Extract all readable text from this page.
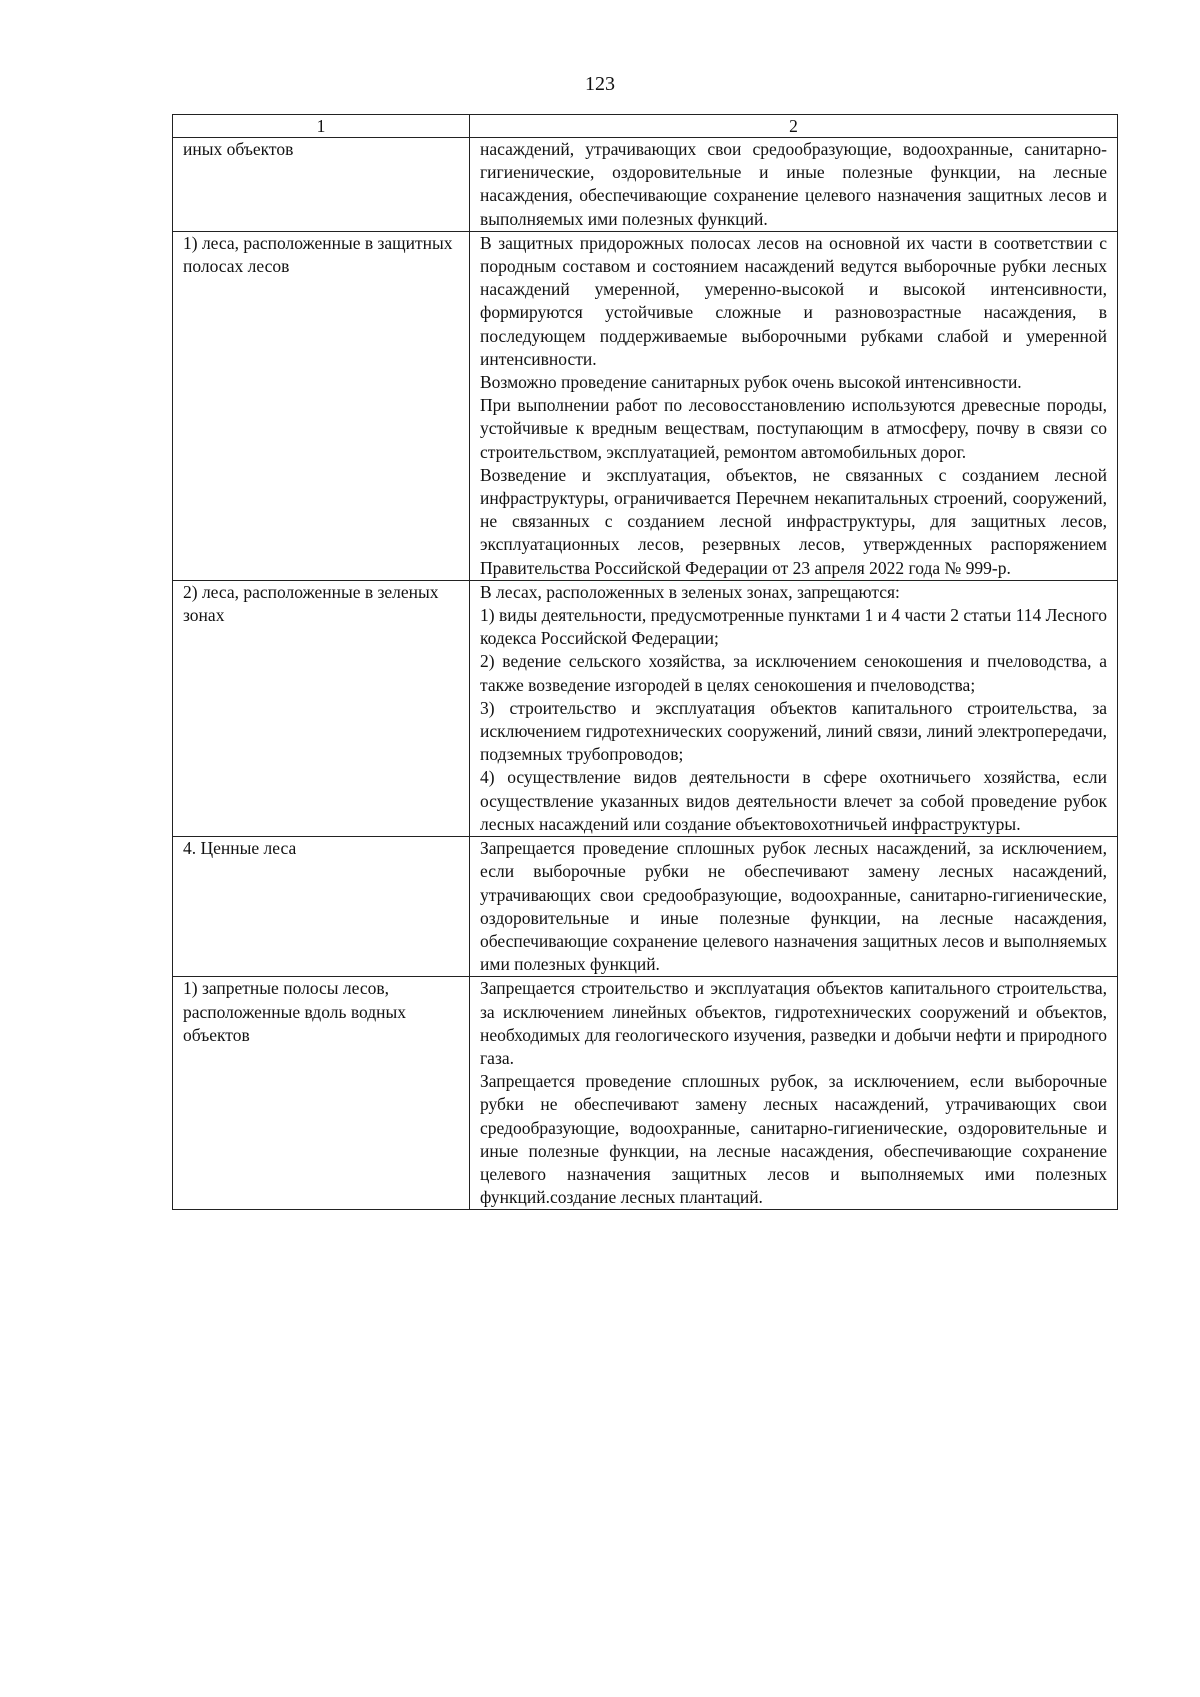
123
1	2
иных объектов	насаждений, утрачивающих свои средообразующие, водоохранные, санитарно-гигиенические, оздоровительные и иные полезные функции, на лесные насаждения, обеспечивающие сохранение целевого назначения защитных лесов и выполняемых ими полезных функций.

1) леса, расположенные в защитных полосах лесов	В защитных придорожных полосах лесов на основной их части в соответствии с породным составом и состоянием насаждений ведутся выборочные рубки лесных насаждений умеренной, умеренно-высокой и высокой интенсивности, формируются устойчивые сложные и разновозрастные насаждения, в последующем поддерживаемые выборочными рубками слабой и умеренной интенсивности.

Возможно проведение санитарных рубок очень высокой интенсивности.

При выполнении работ по лесовосстановлению используются древесные породы, устойчивые к вредным веществам, поступающим в атмосферу, почву в связи со строительством, эксплуатацией, ремонтом автомобильных дорог.

Возведение и эксплуатация, объектов, не связанных с созданием лесной инфраструктуры, ограничивается Перечнем некапитальных строений, сооружений, не связанных с созданием лесной инфраструктуры, для защитных лесов, эксплуатационных лесов, резервных лесов, утвержденных распоряжением Правительства Российской Федерации от 23 апреля 2022 года № 999-р.

2) леса, расположенные в зеленых зонах	В лесах, расположенных в зеленых зонах, запрещаются:

1) виды деятельности, предусмотренные пунктами 1 и 4 части 2 статьи 114 Лесного кодекса Российской Федерации;

2) ведение сельского хозяйства, за исключением сенокошения и пчеловодства, а также возведение изгородей в целях сенокошения и пчеловодства;

3) строительство и эксплуатация объектов капитального строительства, за исключением гидротехнических сооружений, линий связи, линий электропередачи, подземных трубопроводов;

4) осуществление видов деятельности в сфере охотничьего хозяйства, если осуществление указанных видов деятельности влечет за собой проведение рубок лесных насаждений или создание объектовохотничьей инфраструктуры.

4. Ценные леса	Запрещается проведение сплошных рубок лесных насаждений, за исключением, если выборочные рубки не обеспечивают замену лесных насаждений, утрачивающих свои средообразующие, водоохранные, санитарно-гигиенические, оздоровительные и иные полезные функции, на лесные насаждения, обеспечивающие сохранение целевого назначения защитных лесов и выполняемых ими полезных функций.

1) запретные полосы лесов, расположенные вдоль водных объектов	Запрещается строительство и эксплуатация объектов капитального строительства, за исключением линейных объектов, гидротехнических сооружений и объектов, необходимых для геологического изучения, разведки и добычи нефти и природного газа.

Запрещается проведение сплошных рубок, за исключением, если выборочные рубки не обеспечивают замену лесных насаждений, утрачивающих свои средообразующие, водоохранные, санитарно-гигиенические, оздоровительные и иные полезные функции, на лесные насаждения, обеспечивающие сохранение целевого назначения защитных лесов и выполняемых ими полезных функций.создание лесных плантаций.
